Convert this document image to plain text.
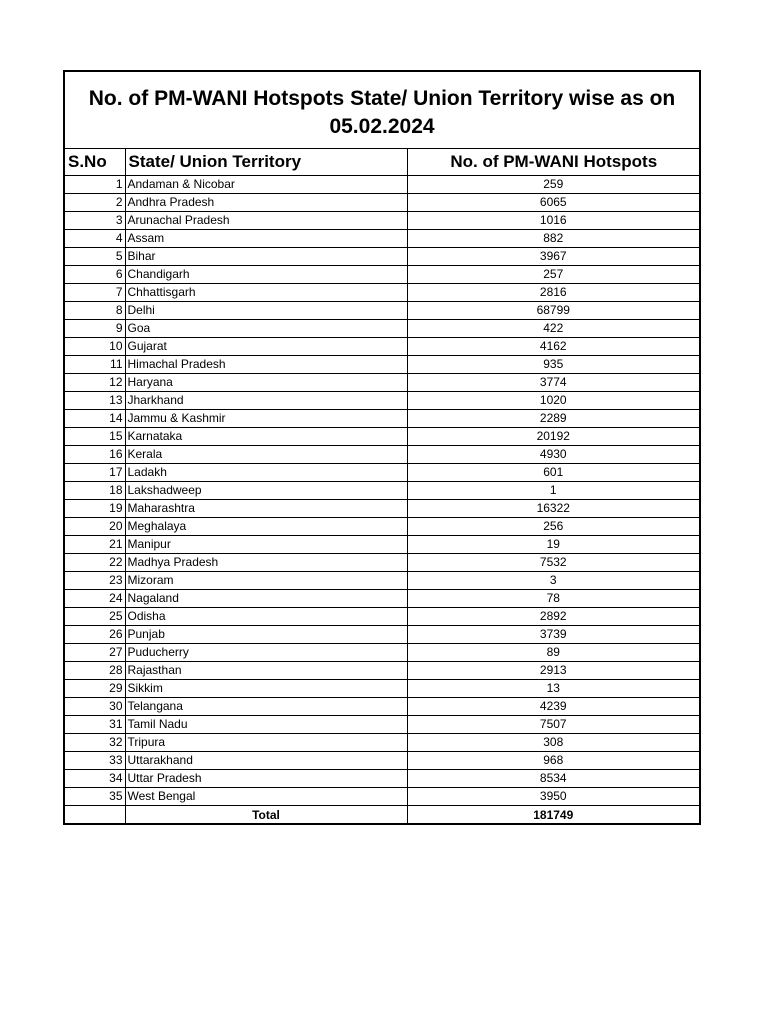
No. of PM-WANI Hotspots State/ Union Territory wise as on 05.02.2024		
S.No	State/ Union Territory	No. of PM-WANI Hotspots
1	Andaman & Nicobar	259
2	Andhra Pradesh	6065
3	Arunachal Pradesh	1016
4	Assam	882
5	Bihar	3967
6	Chandigarh	257
7	Chhattisgarh	2816
8	Delhi	68799
9	Goa	422
10	Gujarat	4162
11	Himachal Pradesh	935
12	Haryana	3774
13	Jharkhand	1020
14	Jammu & Kashmir	2289
15	Karnataka	20192
16	Kerala	4930
17	Ladakh	601
18	Lakshadweep	1
19	Maharashtra	16322
20	Meghalaya	256
21	Manipur	19
22	Madhya Pradesh	7532
23	Mizoram	3
24	Nagaland	78
25	Odisha	2892
26	Punjab	3739
27	Puducherry	89
28	Rajasthan	2913
29	Sikkim	13
30	Telangana	4239
31	Tamil Nadu	7507
32	Tripura	308
33	Uttarakhand	968
34	Uttar Pradesh	8534
35	West Bengal	3950
	Total	181749
